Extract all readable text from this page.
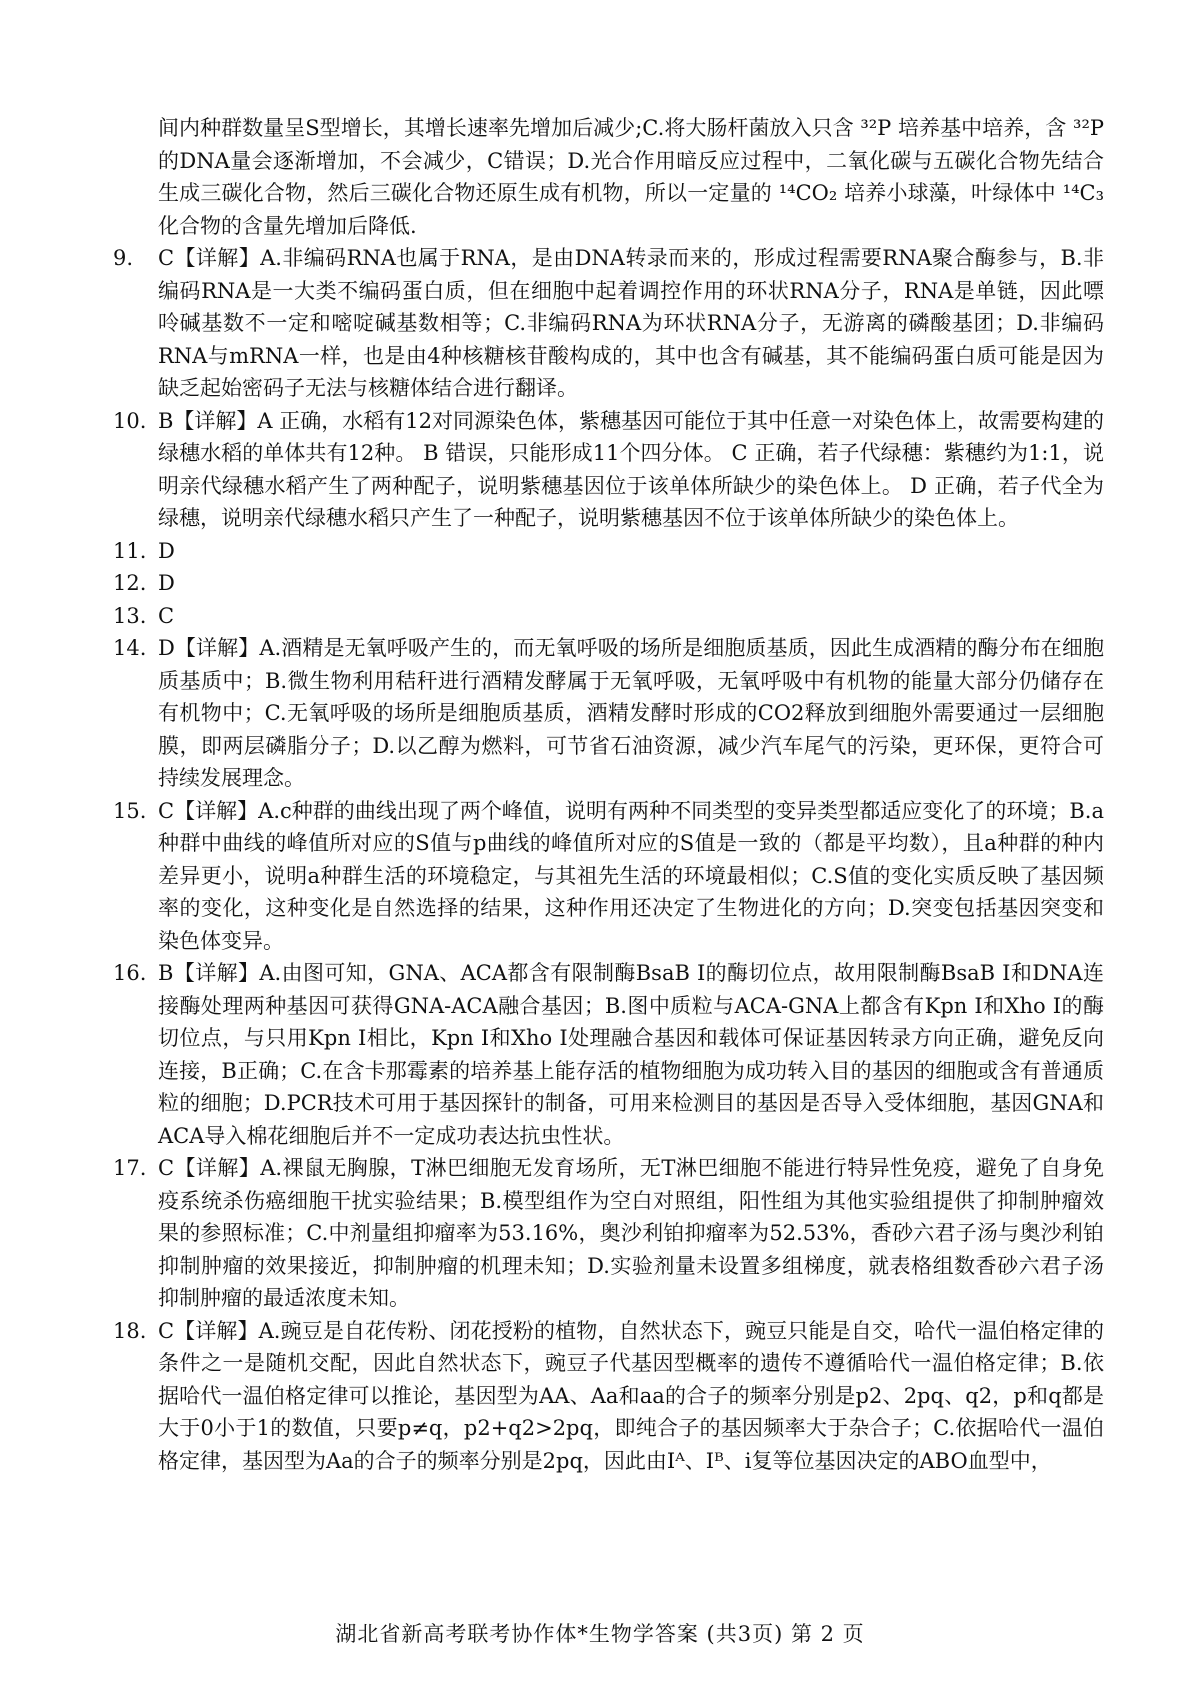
间内种群数量呈S型增长，其增长速率先增加后减少;C.将大肠杆菌放入只含 ³²P 培养基中培养，含 ³²P 的DNA量会逐渐增加，不会减少，C错误；D.光合作用暗反应过程中，二氧化碳与五碳化合物先结合生成三碳化合物，然后三碳化合物还原生成有机物，所以一定量的 ¹⁴CO₂ 培养小球藻，叶绿体中 ¹⁴C₃ 化合物的含量先增加后降低.
9. C【详解】A.非编码RNA也属于RNA，是由DNA转录而来的，形成过程需要RNA聚合酶参与，B.非编码RNA是一大类不编码蛋白质，但在细胞中起着调控作用的环状RNA分子，RNA是单链，因此嘌呤碱基数不一定和嘧啶碱基数相等；C.非编码RNA为环状RNA分子，无游离的磷酸基团；D.非编码RNA与mRNA一样，也是由4种核糖核苷酸构成的，其中也含有碱基，其不能编码蛋白质可能是因为缺乏起始密码子无法与核糖体结合进行翻译。
10. B【详解】A 正确，水稻有12对同源染色体，紫穗基因可能位于其中任意一对染色体上，故需要构建的绿穗水稻的单体共有12种。 B 错误，只能形成11个四分体。 C 正确，若子代绿穗：紫穗约为1:1，说明亲代绿穗水稻产生了两种配子，说明紫穗基因位于该单体所缺少的染色体上。 D 正确，若子代全为绿穗，说明亲代绿穗水稻只产生了一种配子，说明紫穗基因不位于该单体所缺少的染色体上。
11. D
12. D
13. C
14. D【详解】A.酒精是无氧呼吸产生的，而无氧呼吸的场所是细胞质基质，因此生成酒精的酶分布在细胞质基质中；B.微生物利用秸秆进行酒精发酵属于无氧呼吸，无氧呼吸中有机物的能量大部分仍储存在有机物中；C.无氧呼吸的场所是细胞质基质，酒精发酵时形成的CO2释放到细胞外需要通过一层细胞膜，即两层磷脂分子；D.以乙醇为燃料，可节省石油资源，减少汽车尾气的污染，更环保，更符合可持续发展理念。
15. C【详解】A.c种群的曲线出现了两个峰值，说明有两种不同类型的变异类型都适应变化了的环境；B.a种群中曲线的峰值所对应的S值与p曲线的峰值所对应的S值是一致的（都是平均数），且a种群的种内差异更小，说明a种群生活的环境稳定，与其祖先生活的环境最相似；C.S值的变化实质反映了基因频率的变化，这种变化是自然选择的结果，这种作用还决定了生物进化的方向；D.突变包括基因突变和染色体变异。
16. B【详解】A.由图可知，GNA、ACA都含有限制酶BsaB I的酶切位点，故用限制酶BsaB I和DNA连接酶处理两种基因可获得GNA-ACA融合基因；B.图中质粒与ACA-GNA上都含有Kpn I和Xho I的酶切位点，与只用Kpn I相比，Kpn I和Xho I处理融合基因和载体可保证基因转录方向正确，避免反向连接，B正确；C.在含卡那霉素的培养基上能存活的植物细胞为成功转入目的基因的细胞或含有普通质粒的细胞；D.PCR技术可用于基因探针的制备，可用来检测目的基因是否导入受体细胞，基因GNA和ACA导入棉花细胞后并不一定成功表达抗虫性状。
17. C【详解】A.裸鼠无胸腺，T淋巴细胞无发育场所，无T淋巴细胞不能进行特异性免疫，避免了自身免疫系统杀伤癌细胞干扰实验结果；B.模型组作为空白对照组，阳性组为其他实验组提供了抑制肿瘤效果的参照标准；C.中剂量组抑瘤率为53.16%，奥沙利铂抑瘤率为52.53%，香砂六君子汤与奥沙利铂抑制肿瘤的效果接近，抑制肿瘤的机理未知；D.实验剂量未设置多组梯度，就表格组数香砂六君子汤抑制肿瘤的最适浓度未知。
18. C【详解】A.豌豆是自花传粉、闭花授粉的植物，自然状态下，豌豆只能是自交，哈代一温伯格定律的条件之一是随机交配，因此自然状态下，豌豆子代基因型概率的遗传不遵循哈代一温伯格定律；B.依据哈代一温伯格定律可以推论，基因型为AA、Aa和aa的合子的频率分别是p2、2pq、q2，p和q都是大于0小于1的数值，只要p≠q，p2+q2>2pq，即纯合子的基因频率大于杂合子；C.依据哈代一温伯格定律，基因型为Aa的合子的频率分别是2pq，因此由Iᴬ、Iᴮ、i复等位基因决定的ABO血型中，
湖北省新高考联考协作体*生物学答案 (共3页) 第 2 页
